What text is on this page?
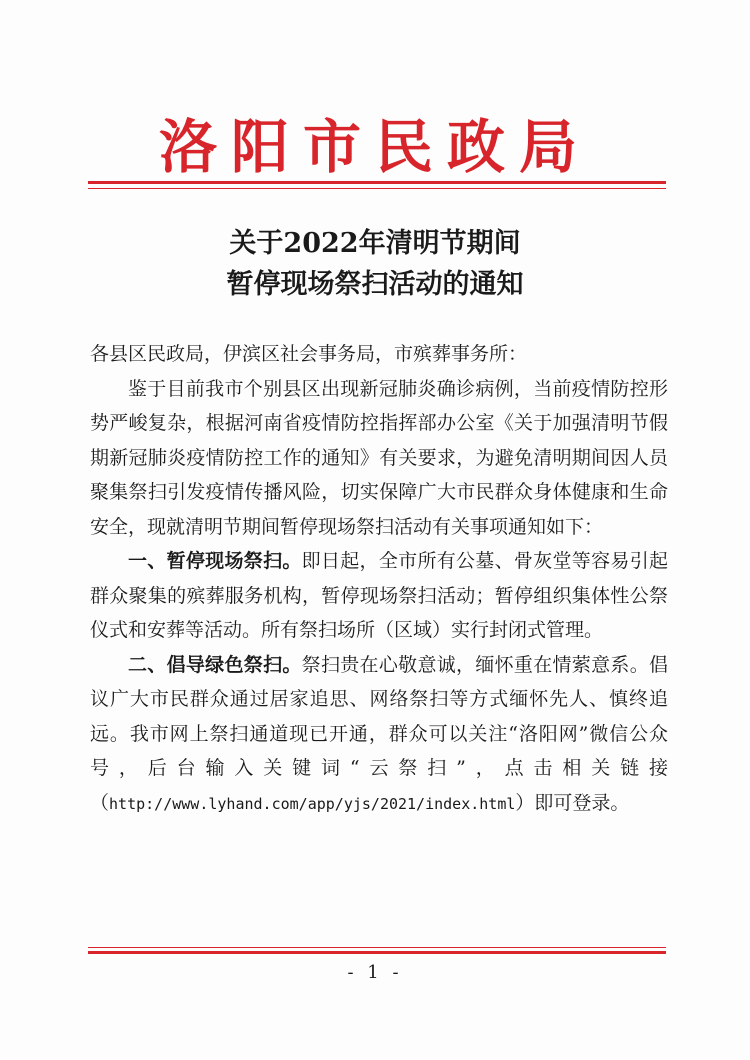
洛阳市民政局
关于2022年清明节期间
暂停现场祭扫活动的通知

各县区民政局，伊滨区社会事务局，市殡葬事务所：

鉴于目前我市个别县区出现新冠肺炎确诊病例，当前疫情防控形势严峻复杂，根据河南省疫情防控指挥部办公室《关于加强清明节假期新冠肺炎疫情防控工作的通知》有关要求，为避免清明期间因人员聚集祭扫引发疫情传播风险，切实保障广大市民群众身体健康和生命安全，现就清明节期间暂停现场祭扫活动有关事项通知如下：

一、暂停现场祭扫。即日起，全市所有公墓、骨灰堂等容易引起群众聚集的殡葬服务机构，暂停现场祭扫活动；暂停组织集体性公祭仪式和安葬等活动。所有祭扫场所（区域）实行封闭式管理。

二、倡导绿色祭扫。祭扫贵在心敬意诚，缅怀重在情萦意系。倡议广大市民群众通过居家追思、网络祭扫等方式缅怀先人、慎终追远。我市网上祭扫通道现已开通，群众可以关注“洛阳网”微信公众号，后台输入关键词“云祭扫”，点击相关链接（http://www.lyhand.com/app/yjs/2021/index.html）即可登录。

- 1 -
